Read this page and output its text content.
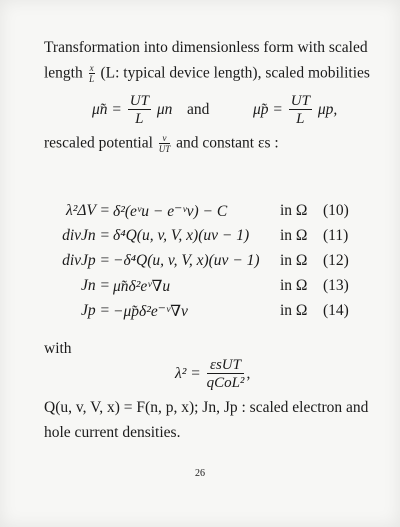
Transformation into dimensionless form with scaled
length $\frac{x}{L} (L$: typical device length), scaled mobilities
μ̃n = $\frac{UT}{L}$ μn and	μ̃p = $\frac{UT}{L} \mu p$,
rescaled potential $\frac{v}{UT}$ and constant εs :
λ²ΔV = δ²(eᵛu − e⁻ᵛv) − C	in Ω (10)
divJn = δ⁴Q(u, v, V, x)(uv − 1) in Ω (11)
divJp = −δ⁴Q(u, v, V, x)(uv − 1) in Ω (12)
Jn = μ̃nδ²eᵛ∇u	in Ω (13)
Jp = −μ̃pδ²e⁻ᵛ∇v	in Ω (14)
with
$\lambda^2 = \frac{\text{εsUT}}{\text{qCoL²}}$ ,
Q(u, v, V, x) = F(n, p, x); Jn, Jp : scaled electron and
hole current densities.
26
